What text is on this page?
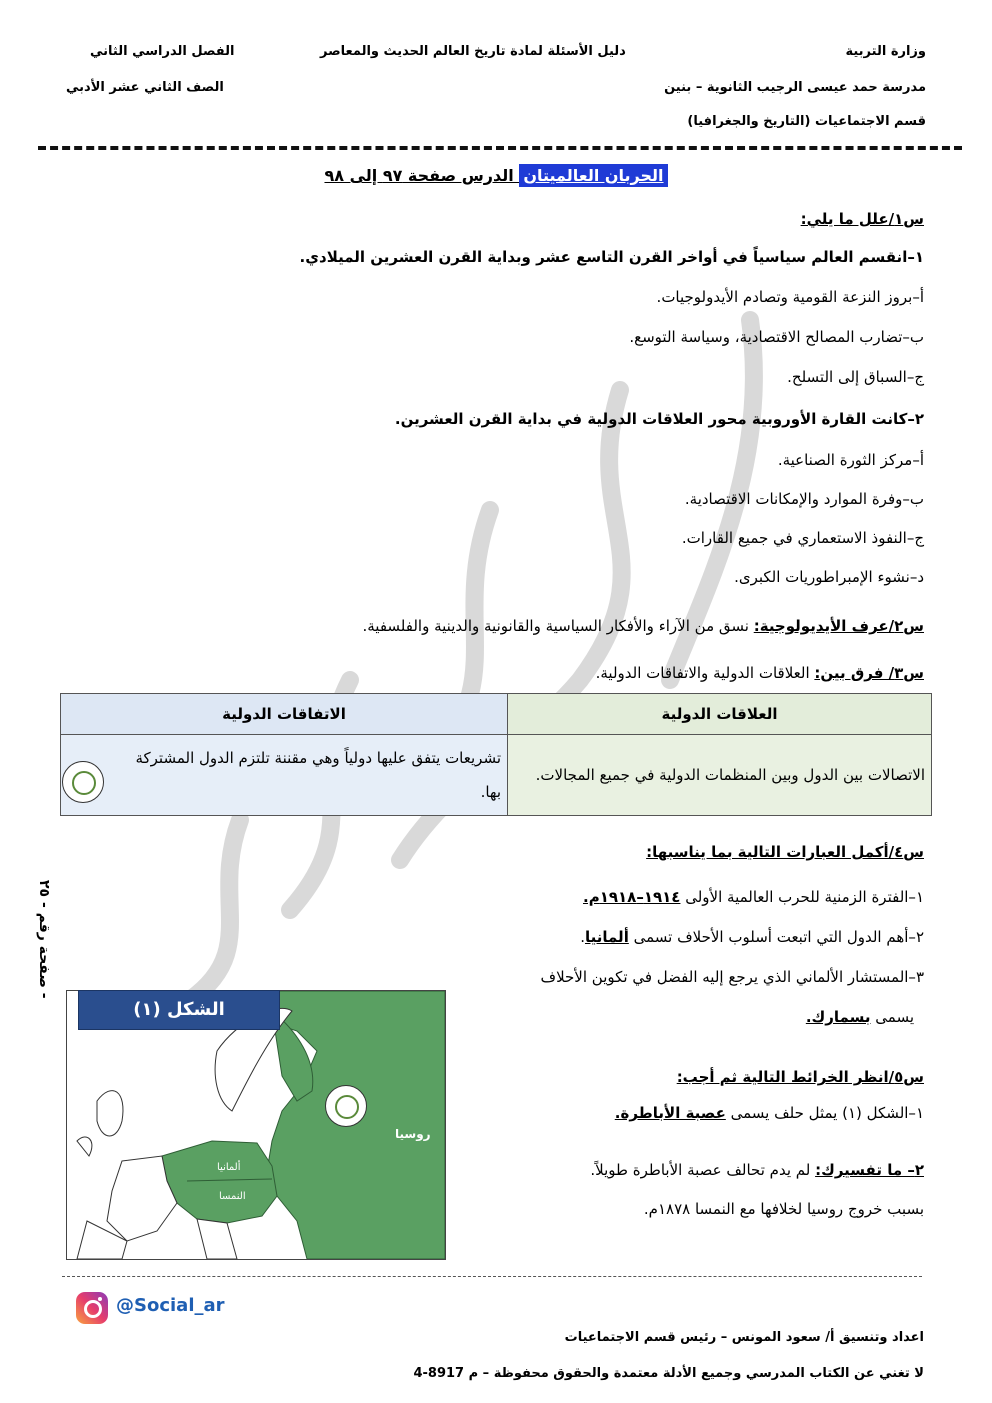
وزارة التربية
مدرسة حمد عيسى الرجيب الثانوية – بنين
قسم الاجتماعيات (التاريخ والجغرافيا)
دليل الأسئلة لمادة تاريخ العالم الحديث والمعاصر
الفصل الدراسي الثاني
الصف الثاني عشر الأدبي
الحربان العالميتان الدرس صفحة ٩٧ إلى ٩٨
س١/علل ما يلي:
١–انقسم العالم سياسياً في أواخر القرن التاسع عشر وبداية القرن العشرين الميلادي.
أ–بروز النزعة القومية وتصادم الأيدولوجيات.
ب–تضارب المصالح الاقتصادية، وسياسة التوسع.
ج–السباق إلى التسلح.
٢–كانت القارة الأوروبية محور العلاقات الدولية في بداية القرن العشرين.
أ–مركز الثورة الصناعية.
ب–وفرة الموارد والإمكانات الاقتصادية.
ج–النفوذ الاستعماري في جميع القارات.
د–نشوء الإمبراطوريات الكبرى.
س٢/عرف الأيديولوجية: نسق من الآراء والأفكار السياسية والقانونية والدينية والفلسفية.
س٣/ فرق بين: العلاقات الدولية والاتفاقات الدولية.
العلاقات الدولية	الاتفاقات الدولية
الاتصالات بين الدول وبين المنظمات الدولية في جميع المجالات.	تشريعات يتفق عليها دولياً وهي مقننة تلتزم الدول المشتركة بها.
س٤/أكمل العبارات التالية بما يناسبها:
١–الفترة الزمنية للحرب العالمية الأولى ١٩١٤–١٩١٨م.
٢–أهم الدول التي اتبعت أسلوب الأحلاف تسمى ألمانيا.
٣–المستشار الألماني الذي يرجع إليه الفضل في تكوين الأحلاف
يسمى بسمارك.
صفحة رقم - ٢٥ -
روسيا
ألمانيا
النمسا
الشكل (١)
س٥/انظر الخرائط التالية ثم أجب:
١–الشكل (١) يمثل حلف يسمى عصبة الأباطرة.
٢– ما تفسيرك: لم يدم تحالف عصبة الأباطرة طويلاً.
بسبب خروج روسيا لخلافها مع النمسا ١٨٧٨م.
@Social_ar
اعداد وتنسيق أ/ سعود المونس – رئيس قسم الاجتماعيات
لا تغني عن الكتاب المدرسي وجميع الأدلة معتمدة والحقوق محفوظة – م 8917-4
